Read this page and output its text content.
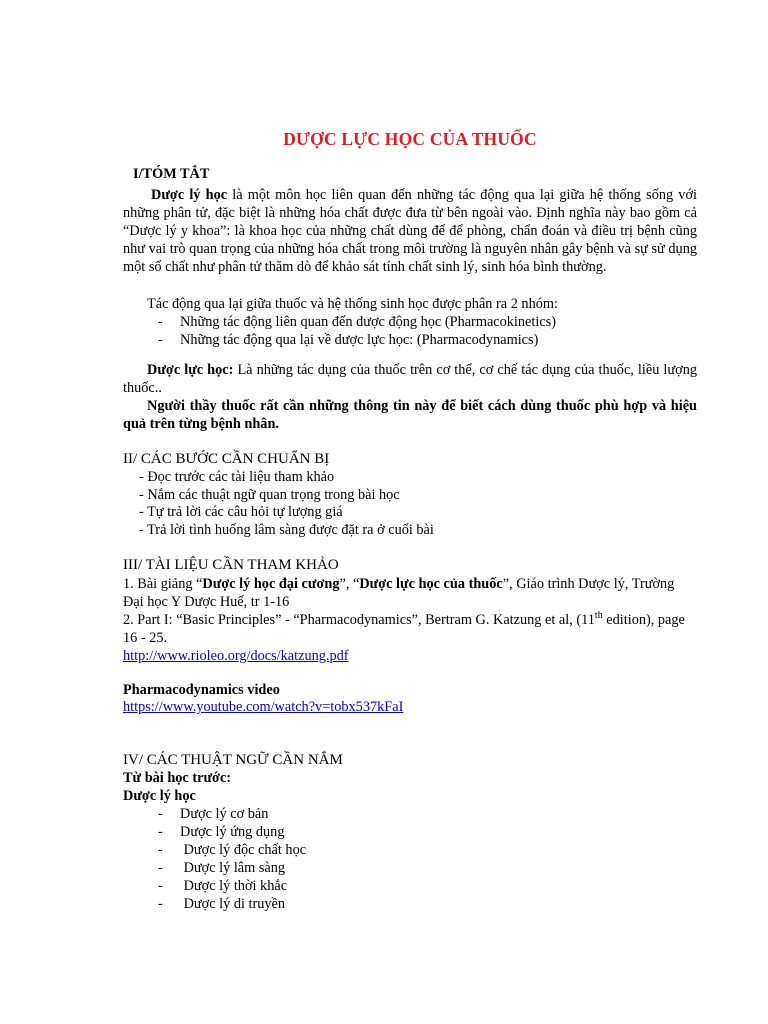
DƯỢC LỰC HỌC CỦA THUỐC
I/TÓM TẮT
Dược lý học là một môn học liên quan đến những tác động qua lại giữa hệ thống sống với những phân tử, đặc biệt là những hóa chất được đưa từ bên ngoài vào. Định nghĩa này bao gồm cả “Dược lý y khoa”: là khoa học của những chất dùng để để phòng, chẩn đoán và điều trị bệnh cũng như vai trò quan trọng của những hóa chất trong môi trường là nguyên nhân gây bệnh và sự sử dụng một số chất như phân tử thăm dò để khảo sát tính chất sinh lý, sinh hóa bình thường.
Tác động qua lại giữa thuốc và hệ thống sinh học được phân ra 2 nhóm:
- Những tác động liên quan đến dược động học (Pharmacokinetics)
- Những tác động qua lại về dược lực học: (Pharmacodynamics)
Dược lực học: Là những tác dụng của thuốc trên cơ thể, cơ chế tác dụng của thuốc, liều lượng thuốc..
Người thầy thuốc rất cần những thông tin này để biết cách dùng thuốc phù hợp và hiệu quả trên từng bệnh nhân.
II/ CÁC BƯỚC CẦN CHUẨN BỊ
- Đọc trước các tài liệu tham khảo
- Nắm các thuật ngữ quan trọng trong bài học
- Tự trả lời các câu hỏi tự lượng giá
- Trả lời tình huống lâm sàng được đặt ra ở cuối bài
III/ TÀI LIỆU CẦN THAM KHẢO
1. Bài giảng “Dược lý học đại cương”, “Dược lực học của thuốc”, Giáo trình Dược lý, Trường Đại học Y Dược Huế, tr 1-16
2. Part I: “Basic Principles” - “Pharmacodynamics”, Bertram G. Katzung et al, (11th edition), page 16 - 25.
http://www.rioleo.org/docs/katzung.pdf
Pharmacodynamics video
https://www.youtube.com/watch?v=tobx537kFaI
IV/ CÁC THUẬT NGỮ CẦN NẮM
Từ bài học trước:
Dược lý học
- Dược lý cơ bản
- Dược lý ứng dụng
- Dược lý độc chất học
- Dược lý lâm sàng
- Dược lý thời khắc
- Dược lý di truyền
